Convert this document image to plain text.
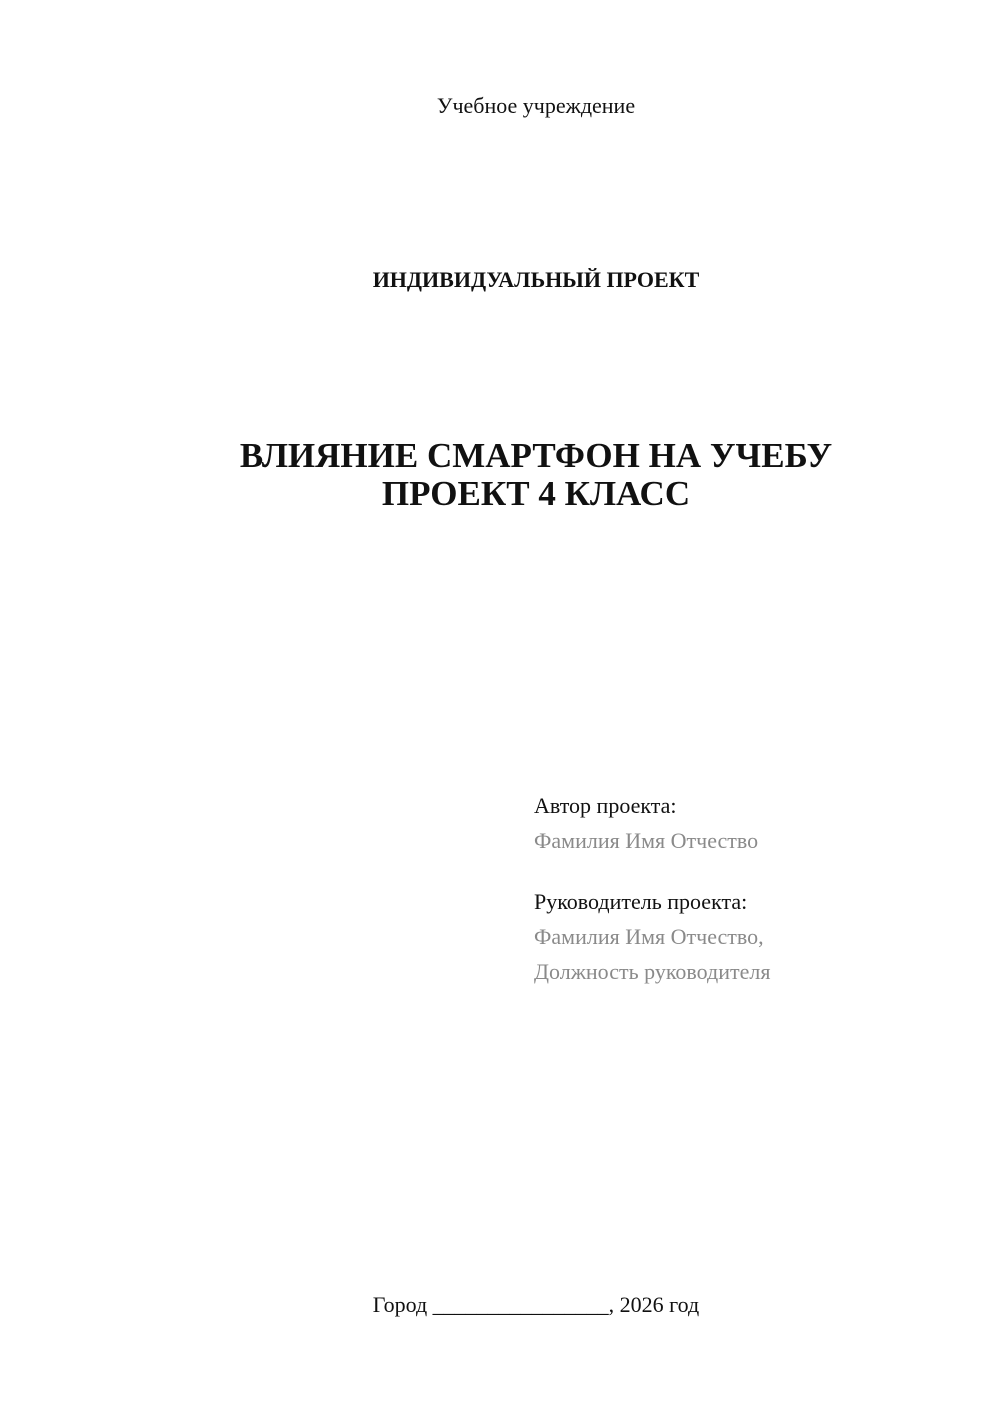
Учебное учреждение
ИНДИВИДУАЛЬНЫЙ ПРОЕКТ
ВЛИЯНИЕ СМАРТФОН НА УЧЕБУ
ПРОЕКТ 4 КЛАСС
Автор проекта:
Фамилия Имя Отчество
Руководитель проекта:
Фамилия Имя Отчество,
Должность руководителя
Город ________________, 2026 год
